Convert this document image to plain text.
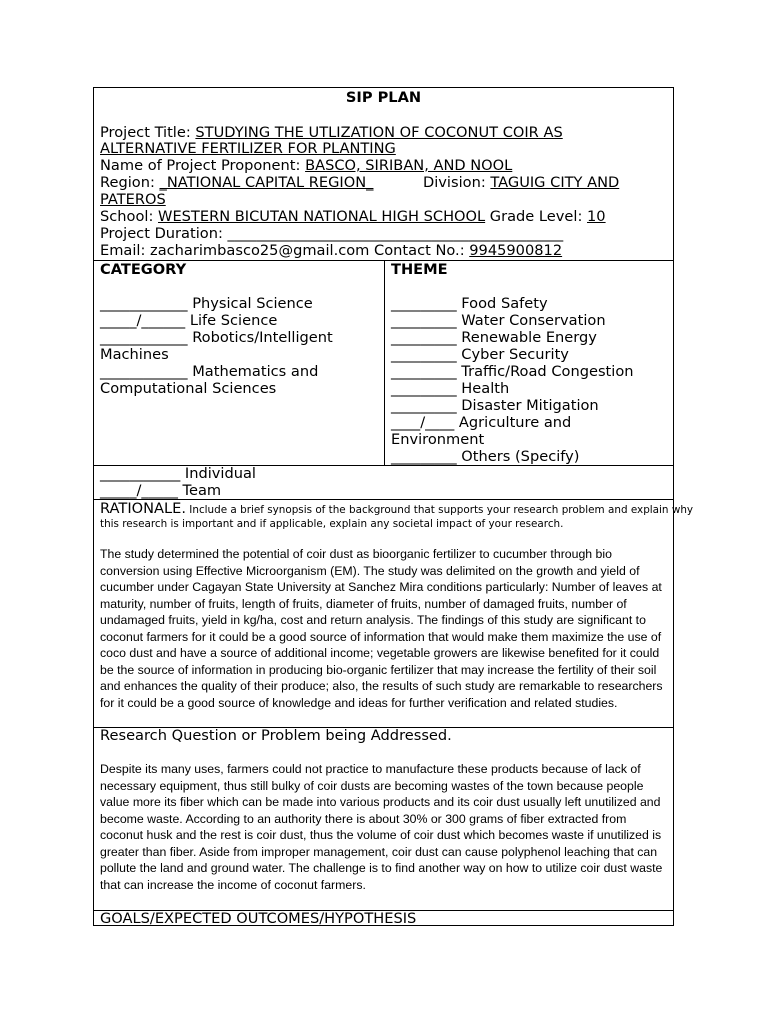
SIP PLAN
Project Title: STUDYING THE UTLIZATION OF COCONUT COIR AS
ALTERNATIVE FERTILIZER FOR PLANTING
Name of Project Proponent: BASCO, SIRIBAN, AND NOOL
Region: _NATIONAL CAPITAL REGION_	Division: TAGUIG CITY AND
PATEROS
School: WESTERN BICUTAN NATIONAL HIGH SCHOOL Grade Level: 10
Project Duration: ______________________________________________
Email: zacharimbasco25@gmail.com Contact No.: 9945900812
CATEGORY	THEME
____________ Physical Science
_____/______ Life Science
____________ Robotics/Intelligent
Machines
____________ Mathematics and
Computational Sciences
_________ Food Safety
_________ Water Conservation
_________ Renewable Energy
_________ Cyber Security
_________ Traffic/Road Congestion
_________ Health
_________ Disaster Mitigation
____/____ Agriculture and
Environment
_________ Others (Specify)
___________ Individual
_____/_____ Team
RATIONALE. Include a brief synopsis of the background that supports your research problem and explain why
this research is important and if applicable, explain any societal impact of your research.

The study determined the potential of coir dust as bioorganic fertilizer to cucumber through bio conversion using Effective Microorganism (EM). The study was delimited on the growth and yield of cucumber under Cagayan State University at Sanchez Mira conditions particularly: Number of leaves at maturity, number of fruits, length of fruits, diameter of fruits, number of damaged fruits, number of undamaged fruits, yield in kg/ha, cost and return analysis. The findings of this study are significant to coconut farmers for it could be a good source of information that would make them maximize the use of coco dust and have a source of additional income; vegetable growers are likewise benefited for it could be the source of information in producing bio-organic fertilizer that may increase the fertility of their soil and enhances the quality of their produce; also, the results of such study are remarkable to researchers for it could be a good source of knowledge and ideas for further verification and related studies.

Research Question or Problem being Addressed.

Despite its many uses, farmers could not practice to manufacture these products because of lack of necessary equipment, thus still bulky of coir dusts are becoming wastes of the town because people value more its fiber which can be made into various products and its coir dust usually left unutilized and become waste. According to an authority there is about 30% or 300 grams of fiber extracted from coconut husk and the rest is coir dust, thus the volume of coir dust which becomes waste if unutilized is greater than fiber. Aside from improper management, coir dust can cause polyphenol leaching that can pollute the land and ground water. The challenge is to find another way on how to utilize coir dust waste that can increase the income of coconut farmers.

GOALS/EXPECTED OUTCOMES/HYPOTHESIS
